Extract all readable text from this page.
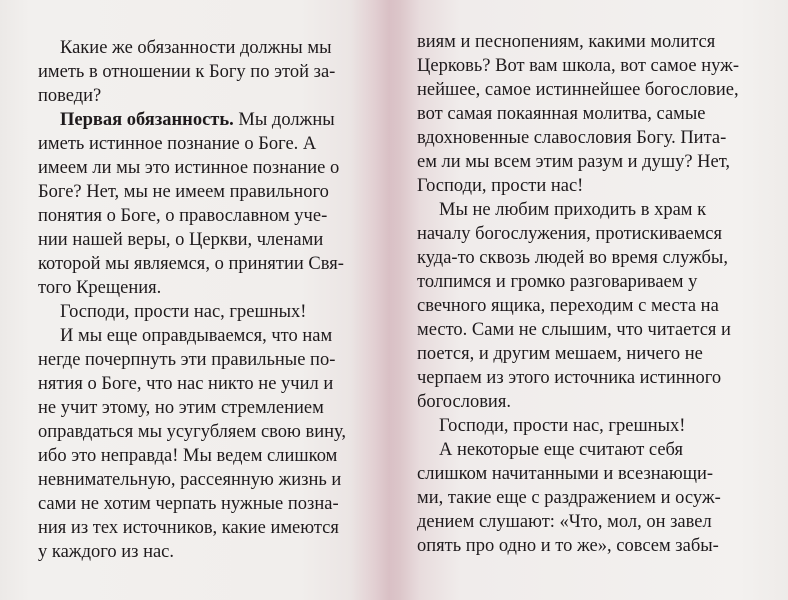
Какие же обязанности должны мы
иметь в отношении к Богу по этой за-
поведи?
Первая обязанность. Мы должны
иметь истинное познание о Боге. А
имеем ли мы это истинное познание о
Боге? Нет, мы не имеем правильного
понятия о Боге, о православном уче-
нии нашей веры, о Церкви, членами
которой мы являемся, о принятии Свя-
того Крещения.
Господи, прости нас, грешных!
И мы еще оправдываемся, что нам
негде почерпнуть эти правильные по-
нятия о Боге, что нас никто не учил и
не учит этому, но этим стремлением
оправдаться мы усугубляем свою вину,
ибо это неправда! Мы ведем слишком
невнимательную, рассеянную жизнь и
сами не хотим черпать нужные позна-
ния из тех источников, какие имеются
у каждого из нас.
виям и песнопениям, какими молится
Церковь? Вот вам школа, вот самое нуж-
нейшее, самое истиннейшее богословие,
вот самая покаянная молитва, самые
вдохновенные славословия Богу. Пита-
ем ли мы всем этим разум и душу? Нет,
Господи, прости нас!
Мы не любим приходить в храм к
началу богослужения, протискиваемся
куда-то сквозь людей во время службы,
толпимся и громко разговариваем у
свечного ящика, переходим с места на
место. Сами не слышим, что читается и
поется, и другим мешаем, ничего не
черпаем из этого источника истинного
богословия.
Господи, прости нас, грешных!
А некоторые еще считают себя
слишком начитанными и всезнающи-
ми, такие еще с раздражением и осуж-
дением слушают: «Что, мол, он завел
опять про одно и то же», совсем забы-
